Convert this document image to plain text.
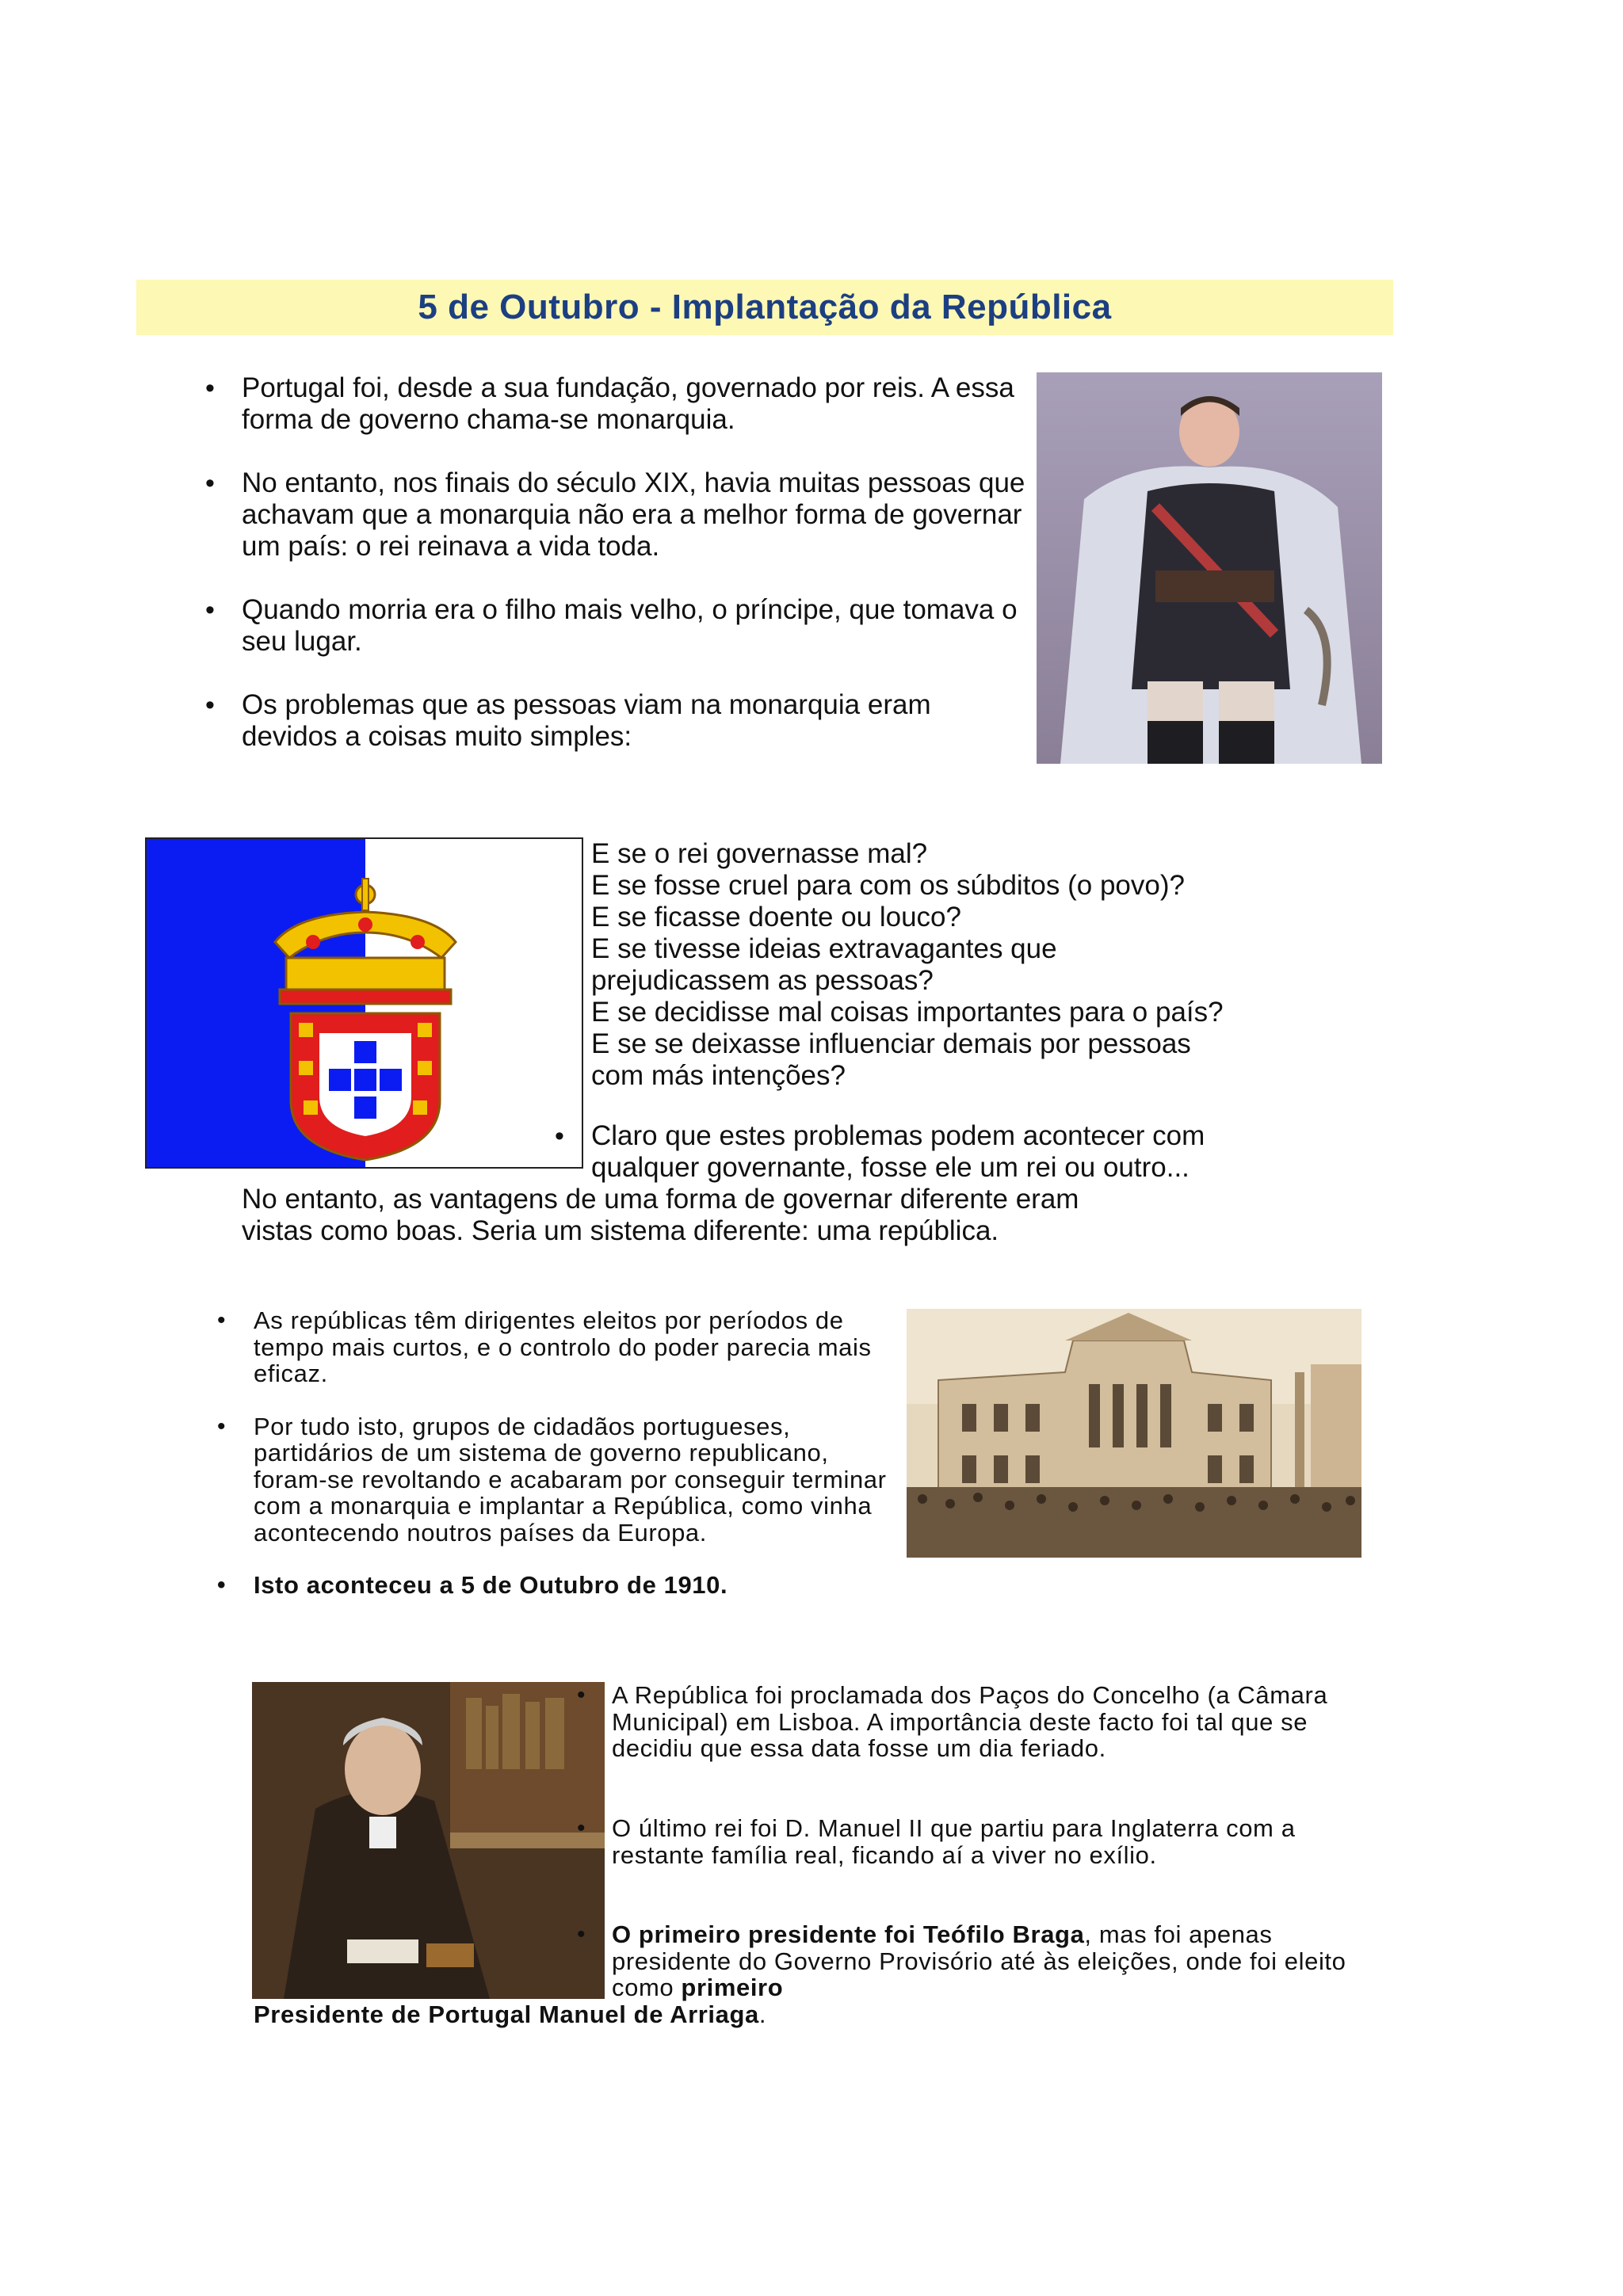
5 de Outubro - Implantação da República
• Portugal foi, desde a sua fundação, governado por reis. A essa forma de governo chama-se monarquia.
• No entanto, nos finais do século XIX, havia muitas pessoas que achavam que a monarquia não era a melhor forma de governar um país: o rei reinava a vida toda.
• Quando morria era o filho mais velho, o príncipe, que tomava o seu lugar.
• Os problemas que as pessoas viam na monarquia eram devidos a coisas muito simples:
E se o rei governasse mal?
E se fosse cruel para com os súbditos (o povo)?
E se ficasse doente ou louco?
E se tivesse ideias extravagantes que
prejudicassem as pessoas?
E se decidisse mal coisas importantes para o país?
E se se deixasse influenciar demais por pessoas
com más intenções?
• Claro que estes problemas podem acontecer com
qualquer governante, fosse ele um rei ou outro...
No entanto, as vantagens de uma forma de governar diferente eram
vistas como boas. Seria um sistema diferente: uma república.
• As repúblicas têm dirigentes eleitos por períodos de tempo mais curtos, e o controlo do poder parecia mais eficaz.
• Por tudo isto, grupos de cidadãos portugueses, partidários de um sistema de governo republicano, foram-se revoltando e acabaram por conseguir terminar com a monarquia e implantar a República, como vinha acontecendo noutros países da Europa.
• Isto aconteceu a 5 de Outubro de 1910.
• A República foi proclamada dos Paços do Concelho (a Câmara Municipal) em Lisboa. A importância deste facto foi tal que se decidiu que essa data fosse um dia feriado.
• O último rei foi D. Manuel II que partiu para Inglaterra com a restante família real, ficando aí a viver no exílio.
• O primeiro presidente foi Teófilo Braga, mas foi apenas presidente do Governo Provisório até às eleições, onde foi eleito como primeiro
Presidente de Portugal Manuel de Arriaga.
